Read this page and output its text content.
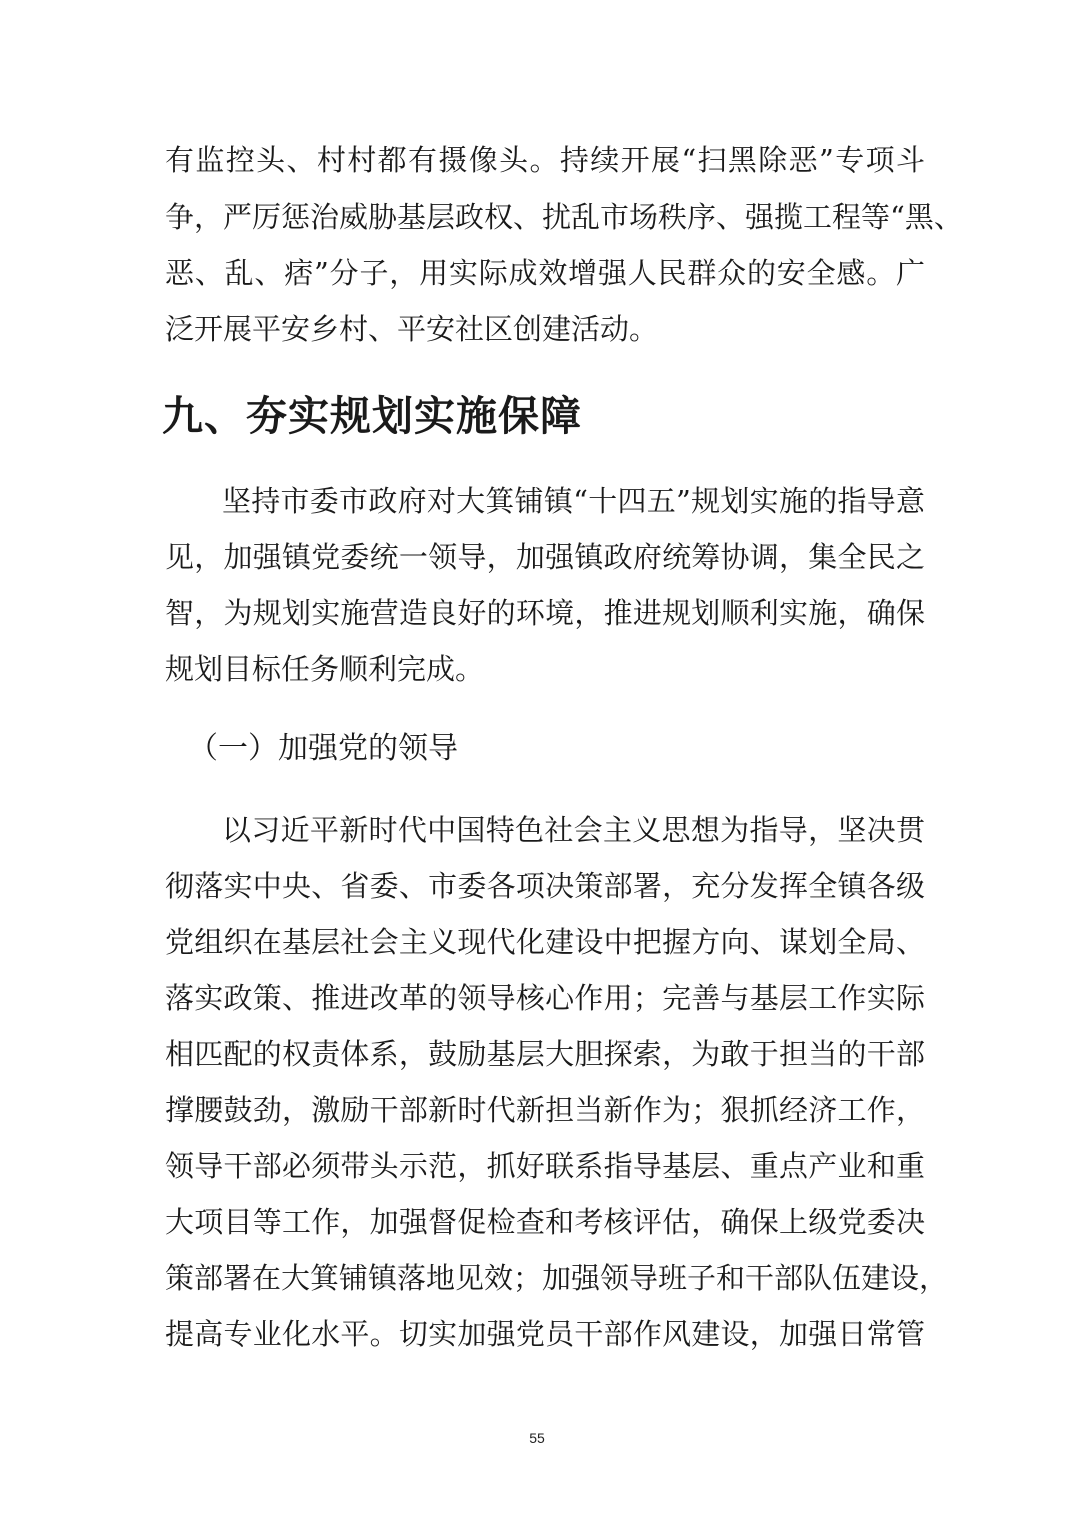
有监控头、村村都有摄像头。持续开展“扫黑除恶”专项斗
争，严厉惩治威胁基层政权、扰乱市场秩序、强揽工程等“黑、
恶、乱、痞”分子，用实际成效增强人民群众的安全感。广
泛开展平安乡村、平安社区创建活动。
九、夯实规划实施保障
坚持市委市政府对大箕铺镇“十四五”规划实施的指导意
见，加强镇党委统一领导，加强镇政府统筹协调，集全民之
智，为规划实施营造良好的环境，推进规划顺利实施，确保
规划目标任务顺利完成。
（一）加强党的领导
以习近平新时代中国特色社会主义思想为指导，坚决贯
彻落实中央、省委、市委各项决策部署，充分发挥全镇各级
党组织在基层社会主义现代化建设中把握方向、谋划全局、
落实政策、推进改革的领导核心作用；完善与基层工作实际
相匹配的权责体系，鼓励基层大胆探索，为敢于担当的干部
撑腰鼓劲，激励干部新时代新担当新作为；狠抓经济工作，
领导干部必须带头示范，抓好联系指导基层、重点产业和重
大项目等工作，加强督促检查和考核评估，确保上级党委决
策部署在大箕铺镇落地见效；加强领导班子和干部队伍建设，
提高专业化水平。切实加强党员干部作风建设，加强日常管
55
